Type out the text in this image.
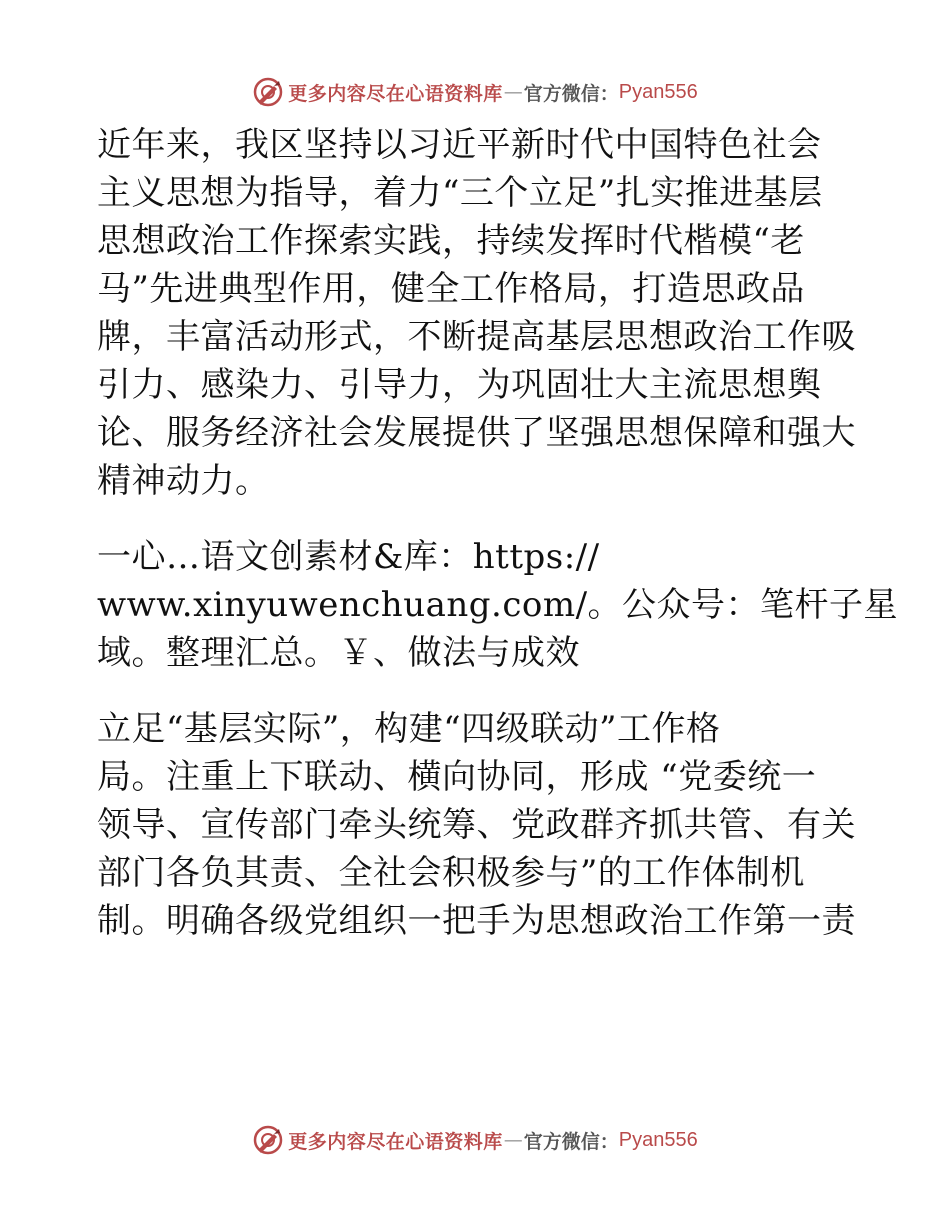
更多内容尽在心语资料库 — 官方微信： Pyan556
近年来，我区坚持以习近平新时代中国特色社会
主义思想为指导，着力“三个立足”扎实推进基层
思想政治工作探索实践，持续发挥时代楷模“老
马”先进典型作用，健全工作格局，打造思政品
牌，丰富活动形式，不断提高基层思想政治工作吸
引力、感染力、引导力，为巩固壮大主流思想舆
论、服务经济社会发展提供了坚强思想保障和强大
精神动力。
一心…语文创素材&库：https://
www.xinyuwenchuang.com/。公众号：笔杆子星
域。整理汇总。￥、做法与成效
立足“基层实际”，构建“四级联动”工作格
局。注重上下联动、横向协同，形成 “党委统一
领导、宣传部门牵头统筹、党政群齐抓共管、有关
部门各负其责、全社会积极参与”的工作体制机
制。明确各级党组织一把手为思想政治工作第一责
更多内容尽在心语资料库 — 官方微信： Pyan556
